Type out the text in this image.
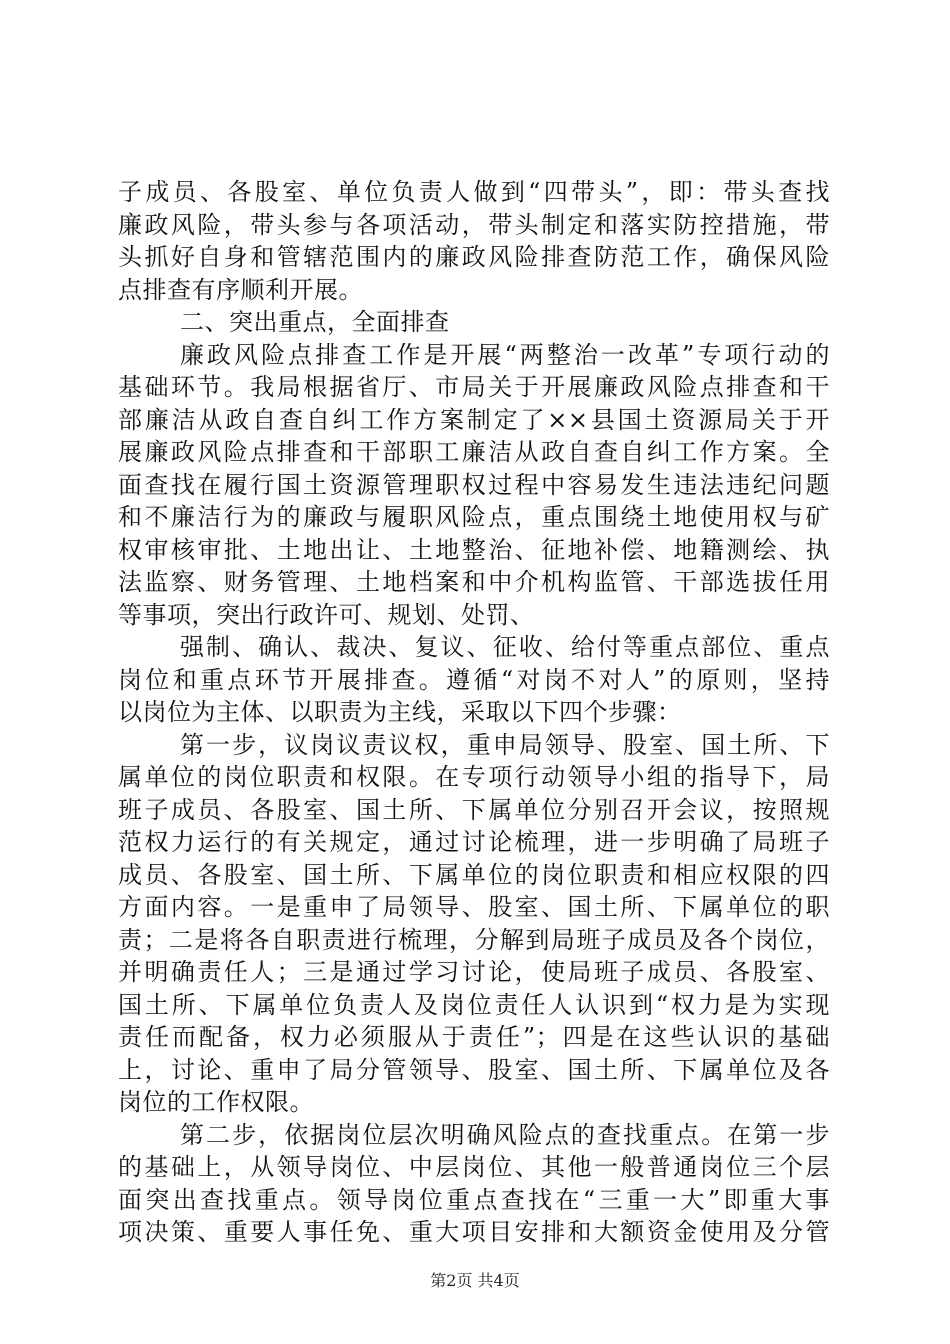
子成员、各股室、单位负责人做到“四带头”，即：带头查找
廉政风险，带头参与各项活动，带头制定和落实防控措施，带
头抓好自身和管辖范围内的廉政风险排查防范工作，确保风险
点排查有序顺利开展。
二、突出重点，全面排查
廉政风险点排查工作是开展“两整治一改革”专项行动的
基础环节。我局根据省厅、市局关于开展廉政风险点排查和干
部廉洁从政自查自纠工作方案制定了××县国土资源局关于开
展廉政风险点排查和干部职工廉洁从政自查自纠工作方案。全
面查找在履行国土资源管理职权过程中容易发生违法违纪问题
和不廉洁行为的廉政与履职风险点，重点围绕土地使用权与矿
权审核审批、土地出让、土地整治、征地补偿、地籍测绘、执
法监察、财务管理、土地档案和中介机构监管、干部选拔任用
等事项，突出行政许可、规划、处罚、
强制、确认、裁决、复议、征收、给付等重点部位、重点
岗位和重点环节开展排查。遵循“对岗不对人”的原则，坚持
以岗位为主体、以职责为主线，采取以下四个步骤：
第一步，议岗议责议权，重申局领导、股室、国土所、下
属单位的岗位职责和权限。在专项行动领导小组的指导下，局
班子成员、各股室、国土所、下属单位分别召开会议，按照规
范权力运行的有关规定，通过讨论梳理，进一步明确了局班子
成员、各股室、国土所、下属单位的岗位职责和相应权限的四
方面内容。一是重申了局领导、股室、国土所、下属单位的职
责；二是将各自职责进行梳理，分解到局班子成员及各个岗位，
并明确责任人；三是通过学习讨论，使局班子成员、各股室、
国土所、下属单位负责人及岗位责任人认识到“权力是为实现
责任而配备，权力必须服从于责任”；四是在这些认识的基础
上，讨论、重申了局分管领导、股室、国土所、下属单位及各
岗位的工作权限。
第二步，依据岗位层次明确风险点的查找重点。在第一步
的基础上，从领导岗位、中层岗位、其他一般普通岗位三个层
面突出查找重点。领导岗位重点查找在“三重一大”即重大事
项决策、重要人事任免、重大项目安排和大额资金使用及分管
第2页 共4页
